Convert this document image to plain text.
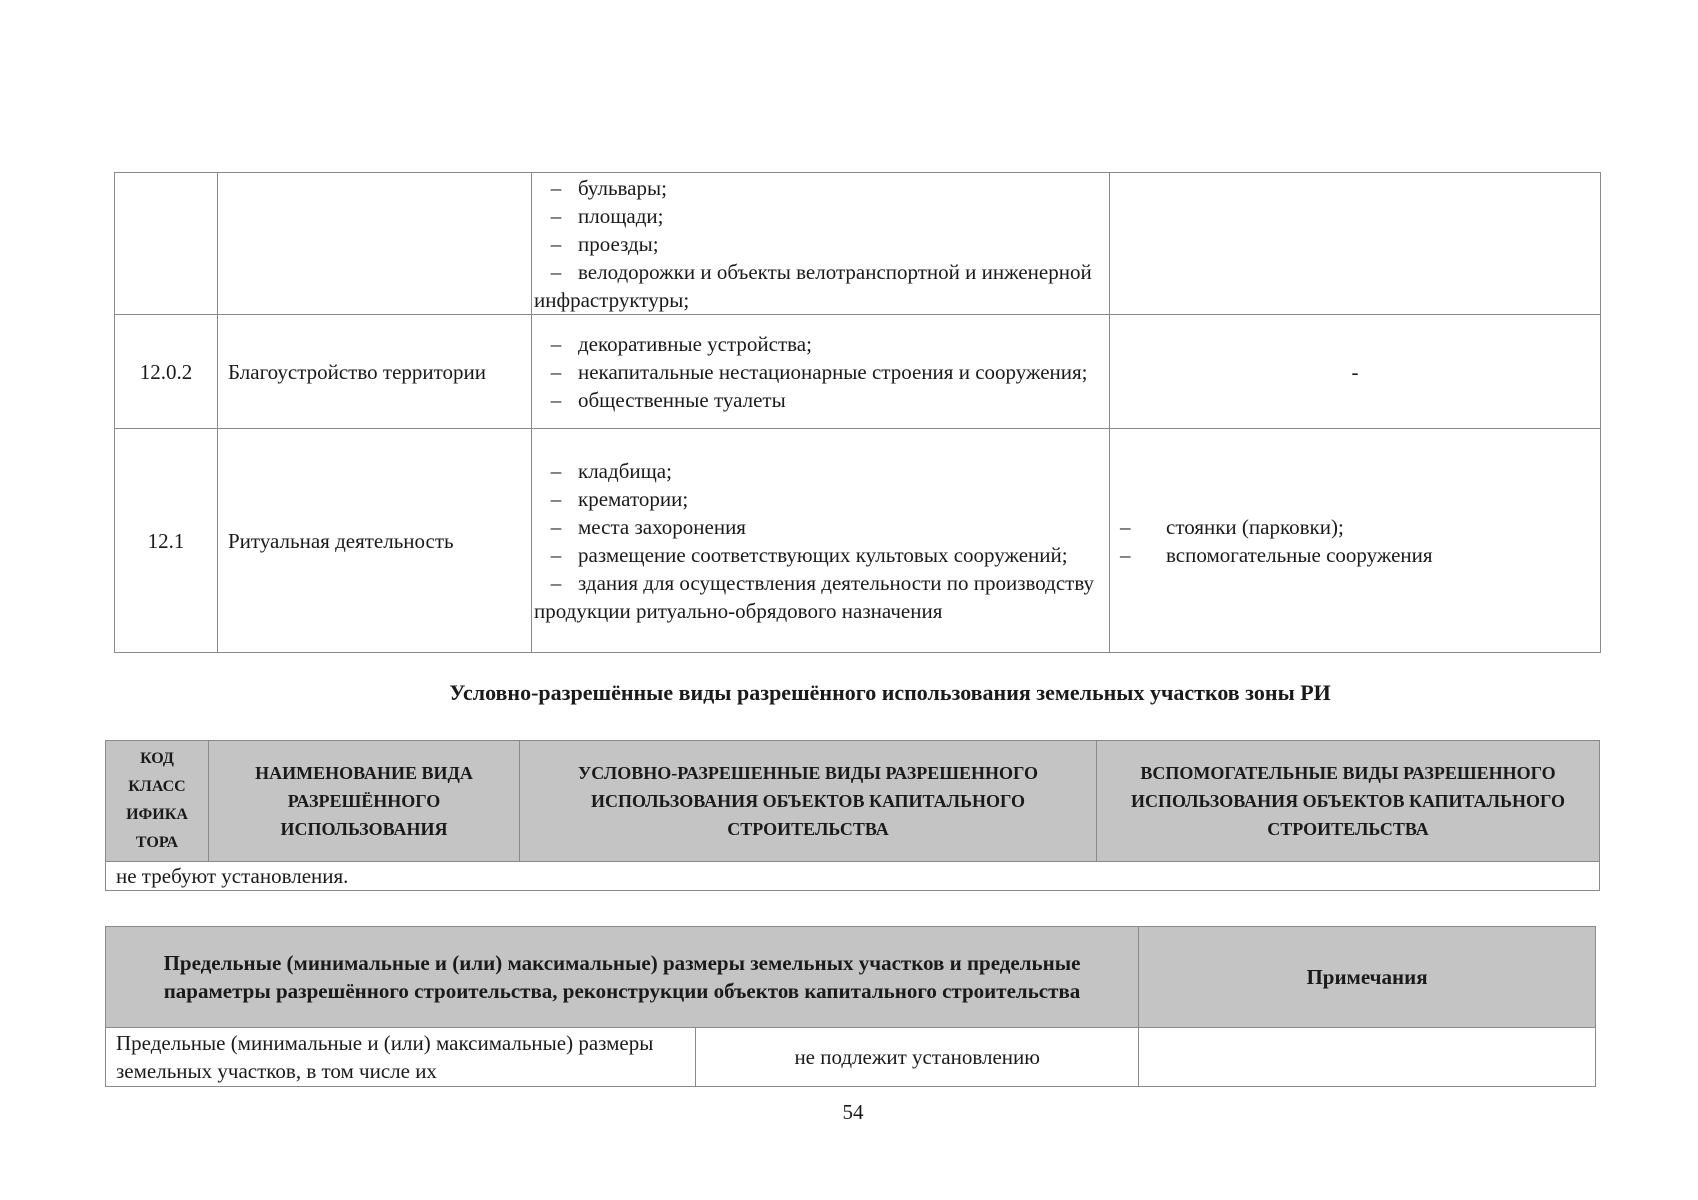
		– бульвары;
– площади;
– проезды;
– велодорожки и объекты велотранспортной и инженерной инфраструктуры;	

12.0.2	Благоустройство территории	– декоративные устройства;
– некапитальные нестационарные строения и сооружения;
– общественные туалеты	-
12.1	Ритуальная деятельность	– кладбища;
– крематории;
– места захоронения
– размещение соответствующих культовых сооружений;
– здания для осуществления деятельности по производству продукции ритуально-обрядового назначения	– стоянки (парковки);
– вспомогательные сооружения
Условно-разрешённые виды разрешённого использования земельных участков зоны РИ
КОД КЛАСС ИФИКА ТОРА	НАИМЕНОВАНИЕ ВИДА РАЗРЕШЁННОГО ИСПОЛЬЗОВАНИЯ	УСЛОВНО-РАЗРЕШЕННЫЕ ВИДЫ РАЗРЕШЕННОГО ИСПОЛЬЗОВАНИЯ ОБЪЕКТОВ КАПИТАЛЬНОГО СТРОИТЕЛЬСТВА	ВСПОМОГАТЕЛЬНЫЕ ВИДЫ РАЗРЕШЕННОГО ИСПОЛЬЗОВАНИЯ ОБЪЕКТОВ КАПИТАЛЬНОГО СТРОИТЕЛЬСТВА
не требуют установления.
Предельные (минимальные и (или) максимальные) размеры земельных участков и предельные параметры разрешённого строительства, реконструкции объектов капитального строительства		Примечания
Предельные (минимальные и (или) максимальные) размеры земельных участков, в том числе их	не подлежит установлению	
54
